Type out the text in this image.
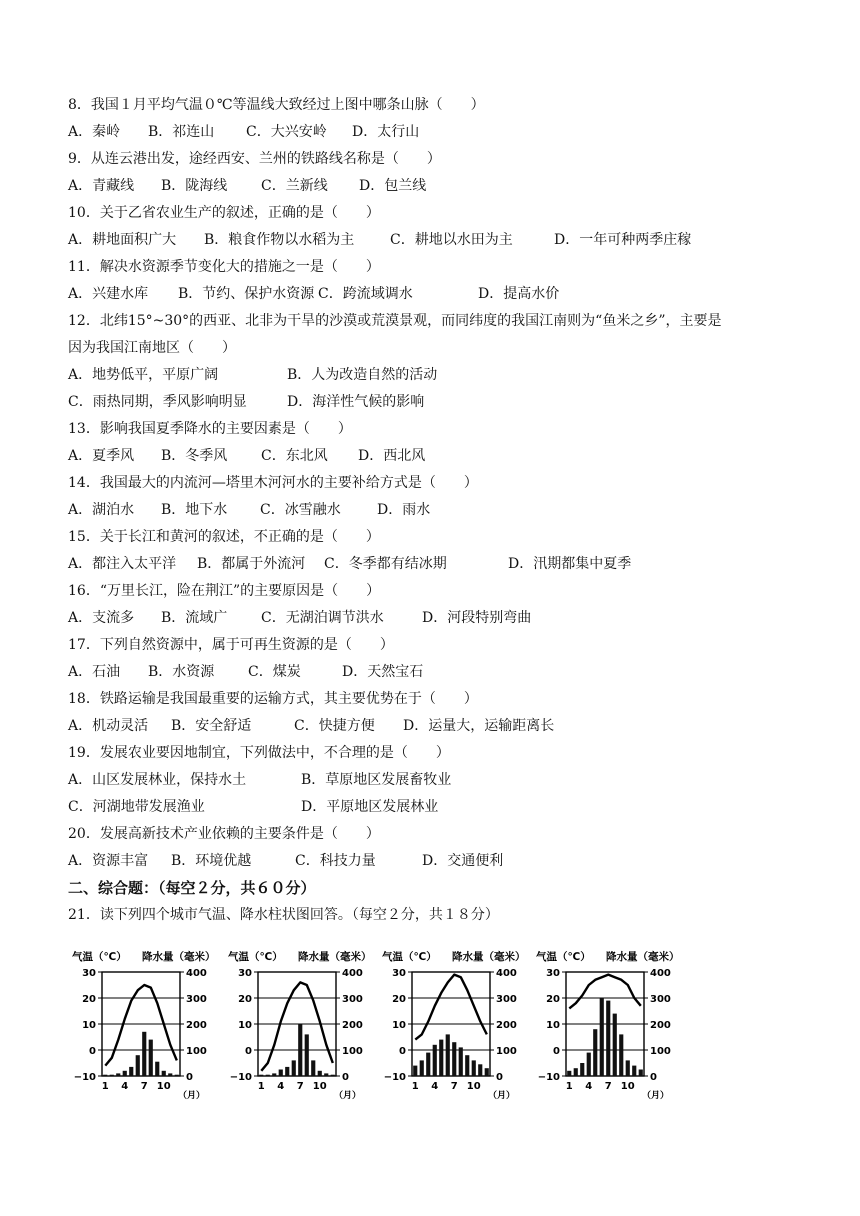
8．我国１月平均气温０℃等温线大致经过上图中哪条山脉（　　）
A．秦岭 B．祁连山 C．大兴安岭 D．太行山
9．从连云港出发，途经西安、兰州的铁路线名称是（　　）
A．青藏线 B．陇海线 C．兰新线 D．包兰线
10．关于乙省农业生产的叙述，正确的是（　　）
A．耕地面积广大 B．粮食作物以水稻为主	C．耕地以水田为主	D．一年可种两季庄稼
11．解决水资源季节变化大的措施之一是（　　）
A．兴建水库 B．节约、保护水资源 C．跨流域调水	D．提高水价
12．北纬15°~30°的西亚、北非为干旱的沙漠或荒漠景观，而同纬度的我国江南则为“鱼米之乡”，主要是
因为我国江南地区（　　）
A．地势低平，平原广阔	B．人为改造自然的活动
C．雨热同期，季风影响明显	D．海洋性气候的影响
13．影响我国夏季降水的主要因素是（　　）
A．夏季风 B．冬季风 C．东北风 D．西北风
14．我国最大的内流河—塔里木河河水的主要补给方式是（　　）
A．湖泊水 B．地下水 C．冰雪融水	D．雨水
15．关于长江和黄河的叙述，不正确的是（　　）
A．都注入太平洋 B．都属于外流河 C．冬季都有结冰期	D．汛期都集中夏季
16．“万里长江，险在荆江”的主要原因是（　　）
A．支流多 B．流域广 C．无湖泊调节洪水	D．河段特别弯曲
17．下列自然资源中，属于可再生资源的是（　　）
A．石油 B．水资源 C．煤炭	D．天然宝石
18．铁路运输是我国最重要的运输方式，其主要优势在于（　　）
A．机动灵活 B．安全舒适	C．快捷方便 D．运量大，运输距离长
19．发展农业要因地制宜，下列做法中，不合理的是（　　）
A．山区发展林业，保持水土	B．草原地区发展畜牧业
C．河湖地带发展渔业	D．平原地区发展林业
20．发展高新技术产业依赖的主要条件是（　　）
A．资源丰富 B．环境优越	C．科技力量	D．交通便利
二、综合题：（每空２分，共６０分）
21．读下列四个城市气温、降水柱状图回答。（每空２分，共１８分）
气温（℃） 降水量（毫米）
30	400
20	300
10	200
0	100
−10	0
1 4 7 10
（月）
气温（℃） 降水量（毫米）
30	400
20	300
10	200
0	100
−10	0
1 4 7 10
（月）
气温（℃） 降水量（毫米）
30	400
20	300
10	200
0	100
−10	0
1 4 7 10
（月）
气温（℃） 降水量（毫米）
30	400
20	300
10	200
0	100
−10	0
1 4 7 10
（月）
